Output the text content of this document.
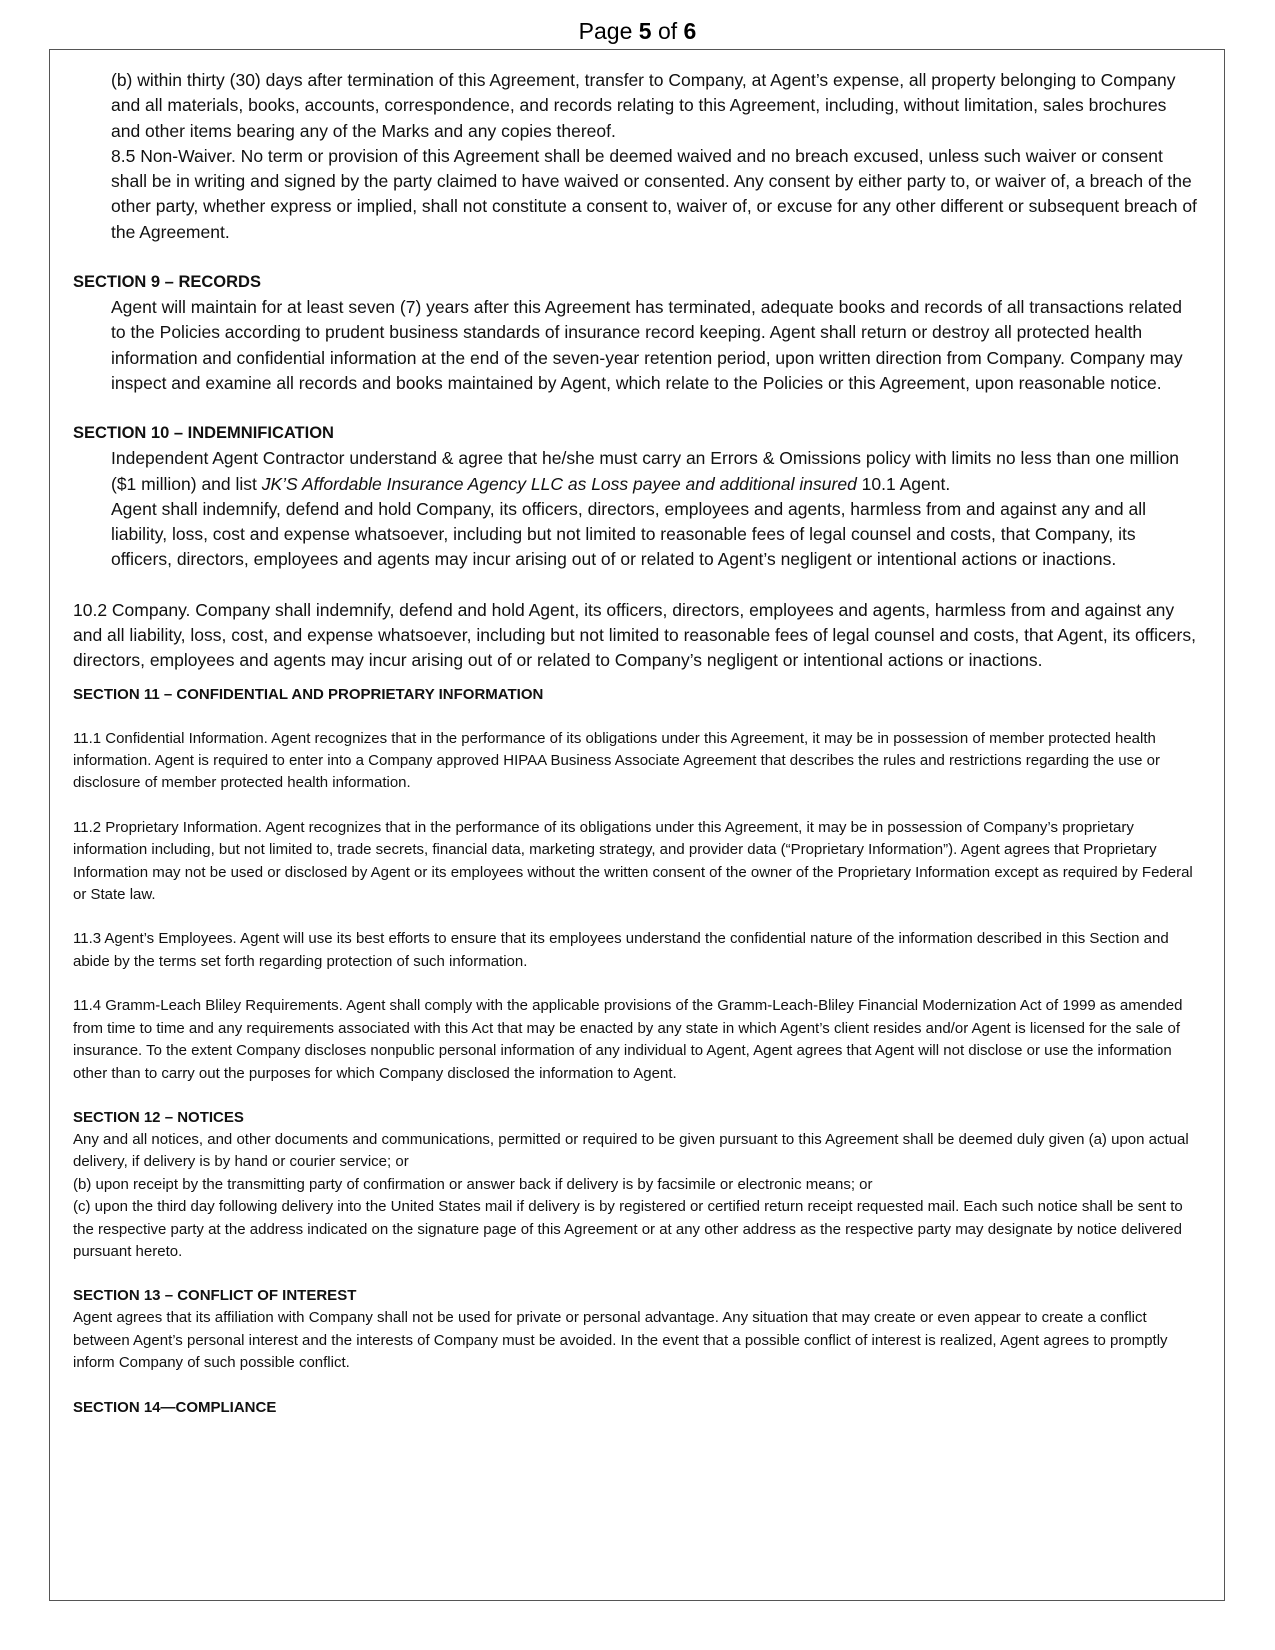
Page 5 of 6

(b) within thirty (30) days after termination of this Agreement, transfer to Company, at Agent’s expense, all property belonging to Company and all materials, books, accounts, correspondence, and records relating to this Agreement, including, without limitation, sales brochures and other items bearing any of the Marks and any copies thereof.

8.5 Non-Waiver. No term or provision of this Agreement shall be deemed waived and no breach excused, unless such waiver or consent shall be in writing and signed by the party claimed to have waived or consented. Any consent by either party to, or waiver of, a breach of the other party, whether express or implied, shall not constitute a consent to, waiver of, or excuse for any other different or subsequent breach of the Agreement.

SECTION 9 – RECORDS

Agent will maintain for at least seven (7) years after this Agreement has terminated, adequate books and records of all transactions related to the Policies according to prudent business standards of insurance record keeping. Agent shall return or destroy all protected health information and confidential information at the end of the seven-year retention period, upon written direction from Company. Company may inspect and examine all records and books maintained by Agent, which relate to the Policies or this Agreement, upon reasonable notice.

SECTION 10 – INDEMNIFICATION

Independent Agent Contractor understand & agree that he/she must carry an Errors & Omissions policy with limits no less than one million ($1 million) and list JK’S Affordable Insurance Agency LLC as Loss payee and additional insured 10.1 Agent.

Agent shall indemnify, defend and hold Company, its officers, directors, employees and agents, harmless from and against any and all liability, loss, cost and expense whatsoever, including but not limited to reasonable fees of legal counsel and costs, that Company, its officers, directors, employees and agents may incur arising out of or related to Agent’s negligent or intentional actions or inactions.

10.2 Company. Company shall indemnify, defend and hold Agent, its officers, directors, employees and agents, harmless from and against any and all liability, loss, cost, and expense whatsoever, including but not limited to reasonable fees of legal counsel and costs, that Agent, its officers, directors, employees and agents may incur arising out of or related to Company’s negligent or intentional actions or inactions.

SECTION 11 – CONFIDENTIAL AND PROPRIETARY INFORMATION

11.1 Confidential Information. Agent recognizes that in the performance of its obligations under this Agreement, it may be in possession of member protected health information. Agent is required to enter into a Company approved HIPAA Business Associate Agreement that describes the rules and restrictions regarding the use or disclosure of member protected health information.

11.2 Proprietary Information. Agent recognizes that in the performance of its obligations under this Agreement, it may be in possession of Company’s proprietary information including, but not limited to, trade secrets, financial data, marketing strategy, and provider data (“Proprietary Information”). Agent agrees that Proprietary Information may not be used or disclosed by Agent or its employees without the written consent of the owner of the Proprietary Information except as required by Federal or State law.

11.3 Agent’s Employees. Agent will use its best efforts to ensure that its employees understand the confidential nature of the information described in this Section and abide by the terms set forth regarding protection of such information.

11.4 Gramm-Leach Bliley Requirements. Agent shall comply with the applicable provisions of the Gramm-Leach-Bliley Financial Modernization Act of 1999 as amended from time to time and any requirements associated with this Act that may be enacted by any state in which Agent’s client resides and/or Agent is licensed for the sale of insurance. To the extent Company discloses nonpublic personal information of any individual to Agent, Agent agrees that Agent will not disclose or use the information other than to carry out the purposes for which Company disclosed the information to Agent.

SECTION 12 – NOTICES

Any and all notices, and other documents and communications, permitted or required to be given pursuant to this Agreement shall be deemed duly given (a) upon actual delivery, if delivery is by hand or courier service; or

(b) upon receipt by the transmitting party of confirmation or answer back if delivery is by facsimile or electronic means; or

(c) upon the third day following delivery into the United States mail if delivery is by registered or certified return receipt requested mail. Each such notice shall be sent to the respective party at the address indicated on the signature page of this Agreement or at any other address as the respective party may designate by notice delivered pursuant hereto.

SECTION 13 – CONFLICT OF INTEREST

Agent agrees that its affiliation with Company shall not be used for private or personal advantage. Any situation that may create or even appear to create a conflict between Agent’s personal interest and the interests of Company must be avoided. In the event that a possible conflict of interest is realized, Agent agrees to promptly inform Company of such possible conflict.

SECTION 14—COMPLIANCE
